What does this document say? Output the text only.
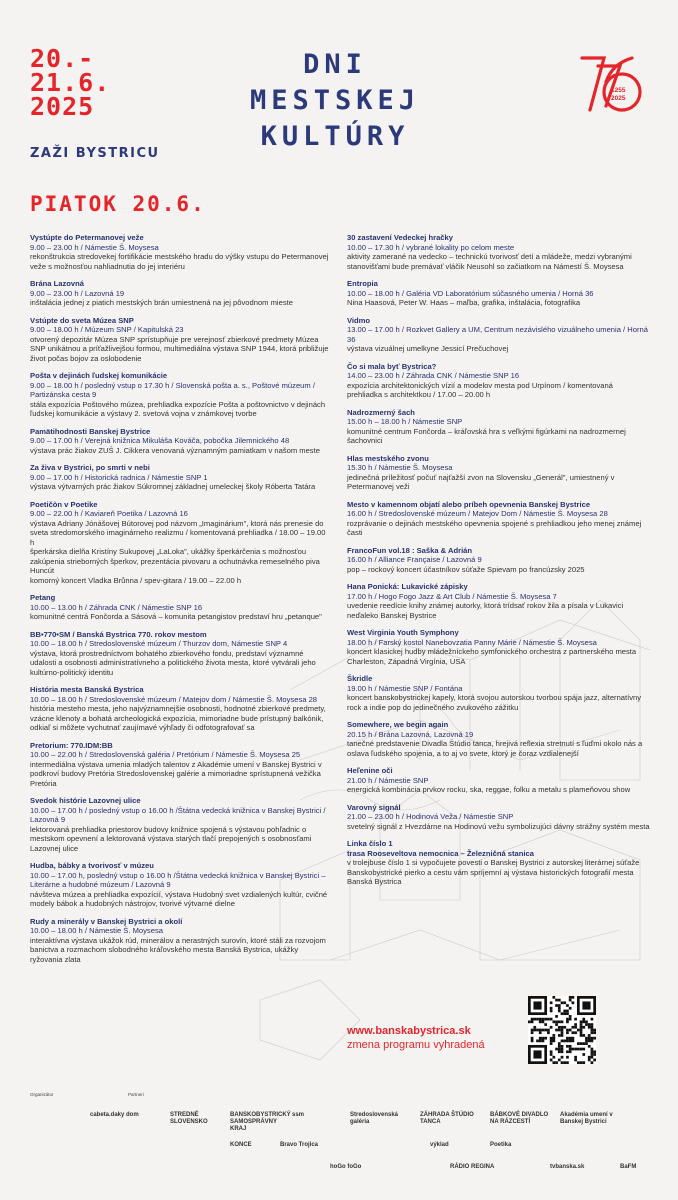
20.-
21.6.
2025
ZAŽI BYSTRICU
DNI
MESTSKEJ
KULTÚRY
1255
2025
PIATOK 20.6.
Vystúpte do Petermanovej veže
9.00 – 23.00 h / Námestie Š. Moysesa
rekonštrukcia stredovekej fortifikácie mestského hradu do výšky vstupu do Petermanovej veže s možnosťou nahliadnutia do jej interiéru
Brána Lazovná
9.00 – 23.00 h / Lazovná 19
inštalácia jednej z piatich mestských brán umiestnená na jej pôvodnom mieste
Vstúpte do sveta Múzea SNP
9.00 – 18.00 h / Múzeum SNP / Kapitulská 23
otvorený depozitár Múzea SNP sprístupňuje pre verejnosť zbierkové predmety Múzea SNP unikátnou a príťažlivejšou formou, multimediálna výstava SNP 1944, ktorá približuje život počas bojov za oslobodenie
Pošta v dejinách ľudskej komunikácie
9.00 – 18.00 h / posledný vstup o 17.30 h / Slovenská pošta a. s., Poštové múzeum / Partizánska cesta 9
stála expozícia Poštového múzea, prehliadka expozície Pošta a poštovnictvo v dejinách ľudskej komunikácie a výstavy 2. svetová vojna v známkovej tvorbe
Pamätihodnosti Banskej Bystrice
9.00 – 17.00 h / Verejná knižnica Mikuláša Kováča, pobočka Jilemnického 48
výstava prác žiakov ZUŠ J. Cikkera venovaná významným pamiatkam v našom meste
Za živa v Bystrici, po smrti v nebi
9.00 – 17.00 h / Historická radnica / Námestie SNP 1
výstava výtvarných prác žiakov Súkromnej základnej umeleckej školy Róberta Tatára
Poetičòn v Poetike
9.00 – 22.00 h / Kaviareň Poetika / Lazovná 16
výstava Adriany Jónášovej Bútorovej pod názvom „Imaginárium", ktorá nás prenesie do sveta stredomorského imaginárneho realizmu / komentovaná prehliadka / 18.00 – 19.00 h
šperkárska dielňa Kristíny Sukupovej „LaLoka", ukážky šperkárčenia s možnosťou zakúpenia strieborných šperkov, prezentácia pivovaru a ochutnávka remeselného piva Huncút
komorný koncert Vladka Brůnna / spev-gitara / 19.00 – 22.00 h
Petang
10.00 – 13.00 h / Záhrada CNK / Námestie SNP 16
komunitné centrá Fončorda a Sásová – komunita petangistov predstaví hru „petanque"
BB•770•SM / Banská Bystrica 770. rokov mestom
10.00 – 18.00 h / Stredoslovenské múzeum / Thurzov dom, Námestie SNP 4
výstava, ktorá prostredníctvom bohatého zbierkového fondu, predstaví významné udalosti a osobnosti administratívneho a politického života mesta, ktoré vytvárali jeho kultúrno-politický identitu
História mesta Banská Bystrica
10.00 – 18.00 h / Stredoslovenské múzeum / Matejov dom / Námestie Š. Moysesa 28
história mesteho mesta, jeho najvýznamnejšie osobnosti, hodnotné zbierkové predmety, vzácne klenoty a bohatá archeologická expozícia, mimoriadne bude prístupný balkónik, odkiaľ si môžete vychutnať zaujímavé výhľady či odfotografovať sa
Pretorium: 770.IDM:BB
10.00 – 22.00 h / Stredoslovenská galéria / Pretórium / Námestie Š. Moysesa 25
intermediálna výstava umenia mladých talentov z Akadémie umení v Banskej Bystrici v podkroví budovy Pretória Stredoslovenskej galérie a mimoriadne sprístupnená vežička Pretória
Svedok histórie Lazovnej ulice
10.00 – 17.00 h / posledný vstup o 16.00 h /Štátna vedecká knižnica v Banskej Bystrici / Lazovná 9
lektorovaná prehliadka priestorov budovy knižnice spojená s výstavou pohľadnic o mestskom opevnení a lektorovaná výstava starých tlačí prepojených s osobnosťami Lazovnej ulice
Hudba, bábky a tvorivosť v múzeu
10.00 – 17.00 h, posledný vstup o 16.00 h /Štátna vedecká knižnica v Banskej Bystrici – Literárne a hudobné múzeum / Lazovná 9
návšteva múzea a prehliadka expozícií, výstava Hudobný svet vzdialených kultúr, cvičné modely bábok a hudobných nástrojov, tvorivé výtvarné dielne
Rudy a minerály v Banskej Bystrici a okolí
10.00 – 18.00 h / Námestie Š. Moysesa
interaktívna výstava ukážok rúd, minerálov a nerastných surovín, ktoré stáli za rozvojom banictva a rozmachom slobodného kráľovského mesta Banská Bystrica, ukážky ryžovania zlata
30 zastavení Vedeckej hračky
10.00 – 17.30 h / vybrané lokality po celom meste
aktivity zamerané na vedecko – technickú tvorivosť detí a mládeže, medzi vybranými stanovišťami bude premávať vláčik Neusohl so začiatkom na Námestí Š. Moysesa
Entropia
10.00 – 18.00 h / Galéria VD Laboratórium súčasného umenia / Horná 36
Nina Haasová, Peter W. Haas – maľba, grafika, inštalácia, fotografika
Vidmo
13.00 – 17.00 h / Rozkvet Gallery a UM, Centrum nezávislého vizuálneho umenia / Horná 36
výstava vizuálnej umelkyne Jessicí Prečuchovej
Čo si mala byť Bystrica?
14.00 – 23.00 h / Záhrada CNK / Námestie SNP 16
expozícia architektonických vízií a modelov mesta pod Urpínom / komentovaná prehliadka s architektkou / 17.00 – 20.00 h
Nadrozmerný šach
15.00 h – 18.00 h / Námestie SNP
komunitné centrum Fončorda – kráľovská hra s veľkými figúrkami na nadrozmernej šachovnici
Hlas mestského zvonu
15.30 h / Námestie Š. Moysesa
jedinečná príležitosť počuť najťažší zvon na Slovensku „Generál", umiestnený v Petermanovej veži
Mesto v kamennom objatí alebo príbeh opevnenia Banskej Bystrice
16.00 h / Stredoslovenské múzeum / Matejov Dom / Námestie Š. Moysesa 28
rozprávanie o dejinách mestského opevnenia spojené s prehliadkou jeho menej známej časti
FrancoFun vol.18 : Saška & Adrián
16.00 h / Alliance Française / Lazovná 9
pop – rockový koncert účastníkov súťaže Spievam po francúzsky 2025
Hana Ponická: Lukavické zápisky
17.00 h / Hogo Fogo Jazz & Art Club / Námestie Š. Moysesa 7
uvedenie reedície knihy známej autorky, ktorá trídsať rokov žila a písala v Lukavici neďaleko Banskej Bystrice
West Virginia Youth Symphony
18.00 h / Farský kostol Nanebovzatia Panny Márie / Námestie Š. Moysesa
koncert klasickej hudby mládežníckeho symfonického orchestra z partnerského mesta Charleston, Západná Virgínia, USA
Škridle
19.00 h / Námestie SNP / Fontána
koncert banskobystrickej kapely, ktorá svojou autorskou tvorbou spája jazz, alternatívny rock a indie pop do jedinečného zvukového zážitku
Somewhere, we begin again
20.15 h / Brána Lazovná, Lazovná 19
tanečné predstavenie Divadla Štúdio tanca, hrejivá reflexia stretnutí s ľuďmi okolo nás a oslava ľudského spojenia, a to aj vo svete, ktorý je čoraz vzdialenejší
Heľenine oči
21.00 h / Námestie SNP
energická kombinácia prvkov rocku, ska, reggae, folku a metalu s plameňovou show
Varovný signál
21.00 – 23.00 h / Hodinová Veža / Námestie SNP
svetelný signál z Hvezdárne na Hodinovú vežu symbolizujúci dávny strážny systém mesta
Linka číslo 1
trasa Rooseveltova nemocnica – Železničná stanica
v trolejbuse číslo 1 si vypočujete povesti o Banskej Bystrici z autorskej literárnej súťaže Banskobystrické pierko a cestu vám spríjemní aj výstava historických fotografií mesta Banská Bystrica
www.banskabystrica.sk
zmena programu vyhradená
Organizátor	Partneri
cabeta.daky dom	STREDNÉ SLOVENSKO
BANSKOBYSTRICKÝ SAMOSPRÁVNY KRAJ
ssm	Stredoslovenská galéria
ZÁHRADA ŠTÚDIO TANCA
BÁBKOVÉ DIVADLO NA RÁZCESTÍ
Akadémia umení v Banskej Bystrici
KONCE	Bravo Trojica	výklad	Poetika
hoGo foGo	RÁDIO REGINA	tvbanska.sk	BaFM
